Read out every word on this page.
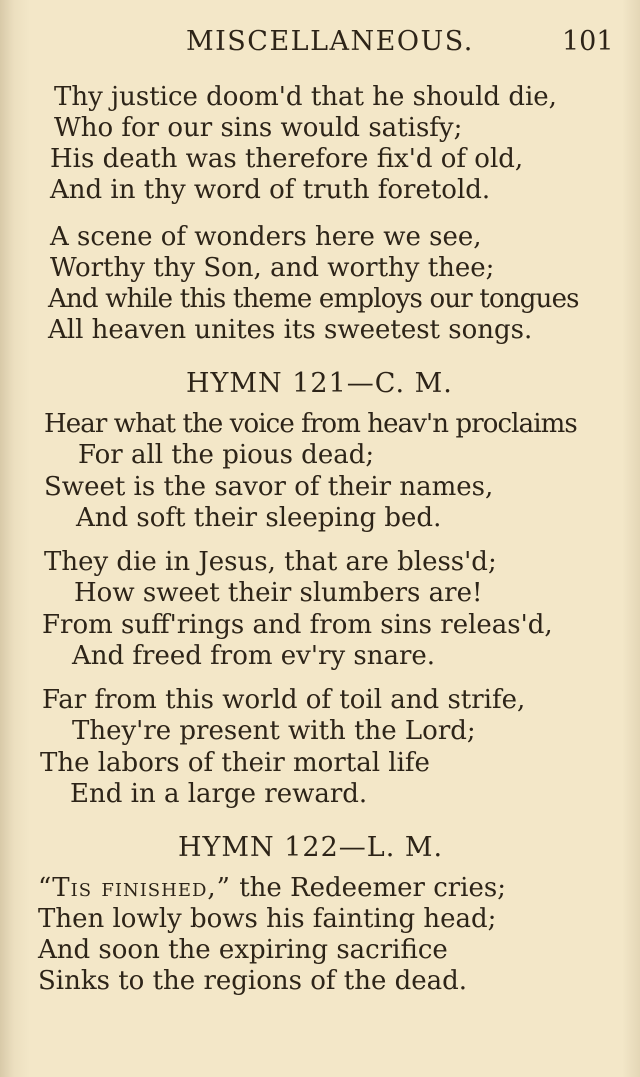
MISCELLANEOUS.	101
Thy justice doom'd that he should die,
Who for our sins would satisfy;
His death was therefore fix'd of old,
And in thy word of truth foretold.
A scene of wonders here we see,
Worthy thy Son, and worthy thee;
And while this theme employs our tongues
All heaven unites its sweetest songs.
HYMN 121—C. M.
Hear what the voice from heav'n proclaims
For all the pious dead;
Sweet is the savor of their names,
And soft their sleeping bed.
They die in Jesus, that are bless'd;
How sweet their slumbers are!
From suff'rings and from sins releas'd,
And freed from ev'ry snare.
Far from this world of toil and strife,
They're present with the Lord;
The labors of their mortal life
End in a large reward.
HYMN 122—L. M.
“Tis finished,” the Redeemer cries;
Then lowly bows his fainting head;
And soon the expiring sacrifice
Sinks to the regions of the dead.
